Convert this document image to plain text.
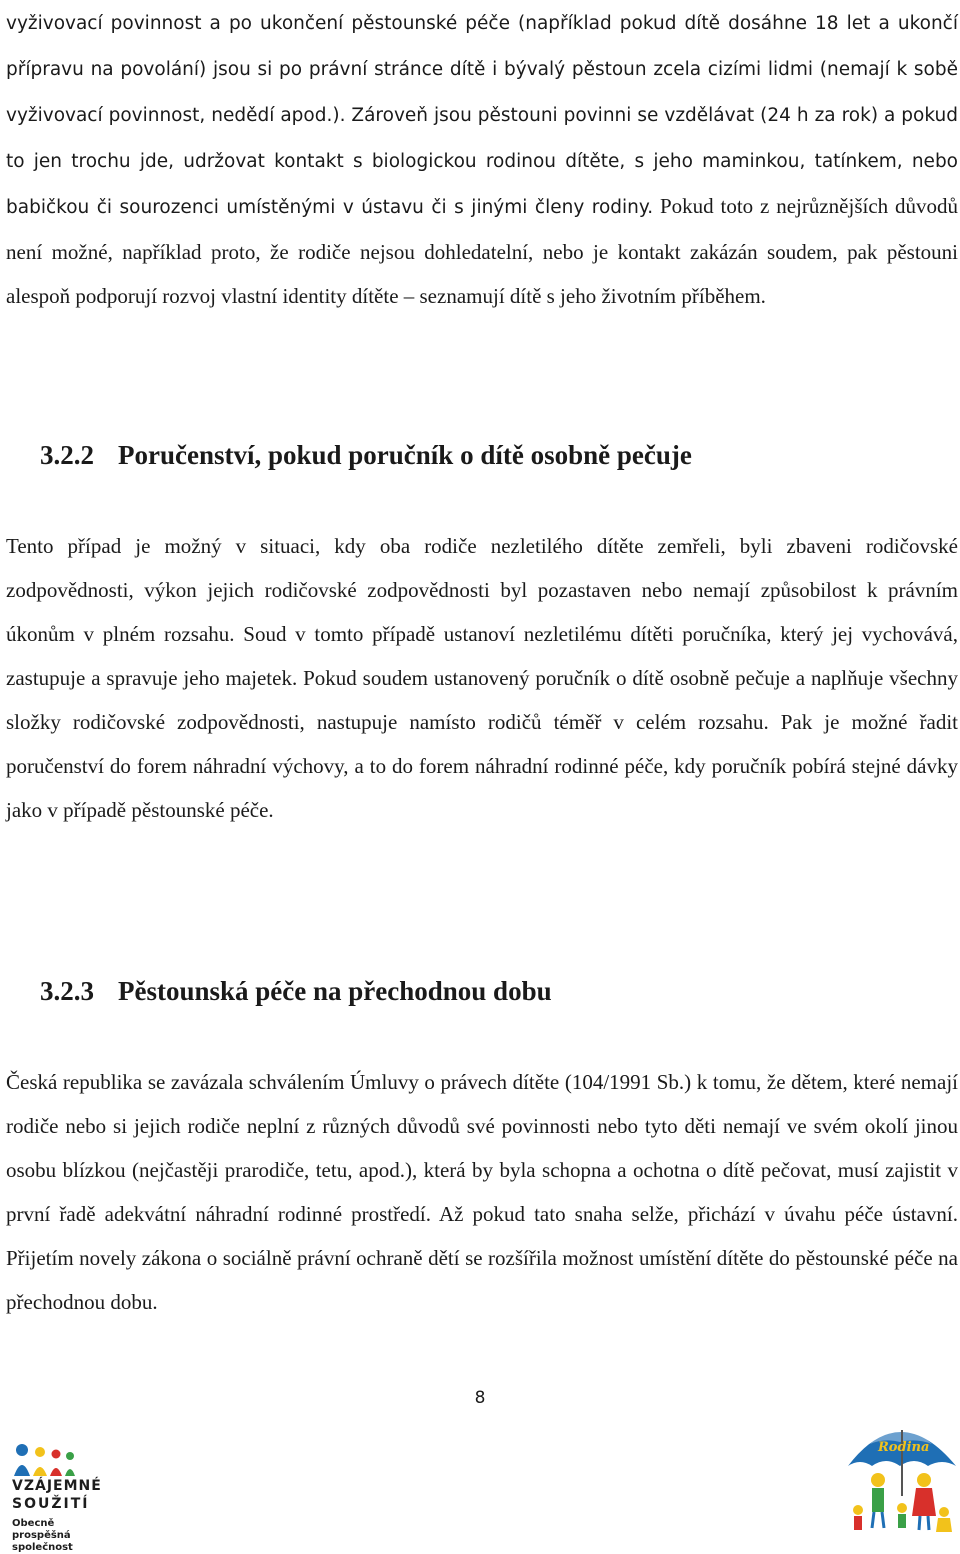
vyživovací povinnost a po ukončení pěstounské péče (například pokud dítě dosáhne 18 let a ukončí přípravu na povolání) jsou si po právní stránce dítě i bývalý pěstoun zcela cizími lidmi (nemají k sobě vyživovací povinnost, nedědí apod.). Zároveň jsou pěstouni povinni se vzdělávat (24 h za rok) a pokud to jen trochu jde, udržovat kontakt s biologickou rodinou dítěte, s jeho maminkou, tatínkem, nebo babičkou či sourozenci umístěnými v ústavu či s jinými členy rodiny. Pokud toto z nejrůznějších důvodů není možné, například proto, že rodiče nejsou dohledatelní, nebo je kontakt zakázán soudem, pak pěstouni alespoň podporují rozvoj vlastní identity dítěte – seznamují dítě s jeho životním příběhem.

3.2.2 Poručenství, pokud poručník o dítě osobně pečuje

Tento případ je možný v situaci, kdy oba rodiče nezletilého dítěte zemřeli, byli zbaveni rodičovské zodpovědnosti, výkon jejich rodičovské zodpovědnosti byl pozastaven nebo nemají způsobilost k právním úkonům v plném rozsahu. Soud v tomto případě ustanoví nezletilému dítěti poručníka, který jej vychovává, zastupuje a spravuje jeho majetek. Pokud soudem ustanovený poručník o dítě osobně pečuje a naplňuje všechny složky rodičovské zodpovědnosti, nastupuje namísto rodičů téměř v celém rozsahu. Pak je možné řadit poručenství do forem náhradní výchovy, a to do forem náhradní rodinné péče, kdy poručník pobírá stejné dávky jako v případě pěstounské péče.

3.2.3 Pěstounská péče na přechodnou dobu

Česká republika se zavázala schválením Úmluvy o právech dítěte (104/1991 Sb.) k tomu, že dětem, které nemají rodiče nebo si jejich rodiče neplní z různých důvodů své povinnosti nebo tyto děti nemají ve svém okolí jinou osobu blízkou (nejčastěji prarodiče, tetu, apod.), která by byla schopna a ochotna o dítě pečovat, musí zajistit v první řadě adekvátní náhradní rodinné prostředí. Až pokud tato snaha selže, přichází v úvahu péče ústavní. Přijetím novely zákona o sociálně právní ochraně dětí se rozšířila možnost umístění dítěte do pěstounské péče na přechodnou dobu.

8
VZÁJEMNÉ
SOUŽITÍ
Obecně prospěšná společnost
Rodina
